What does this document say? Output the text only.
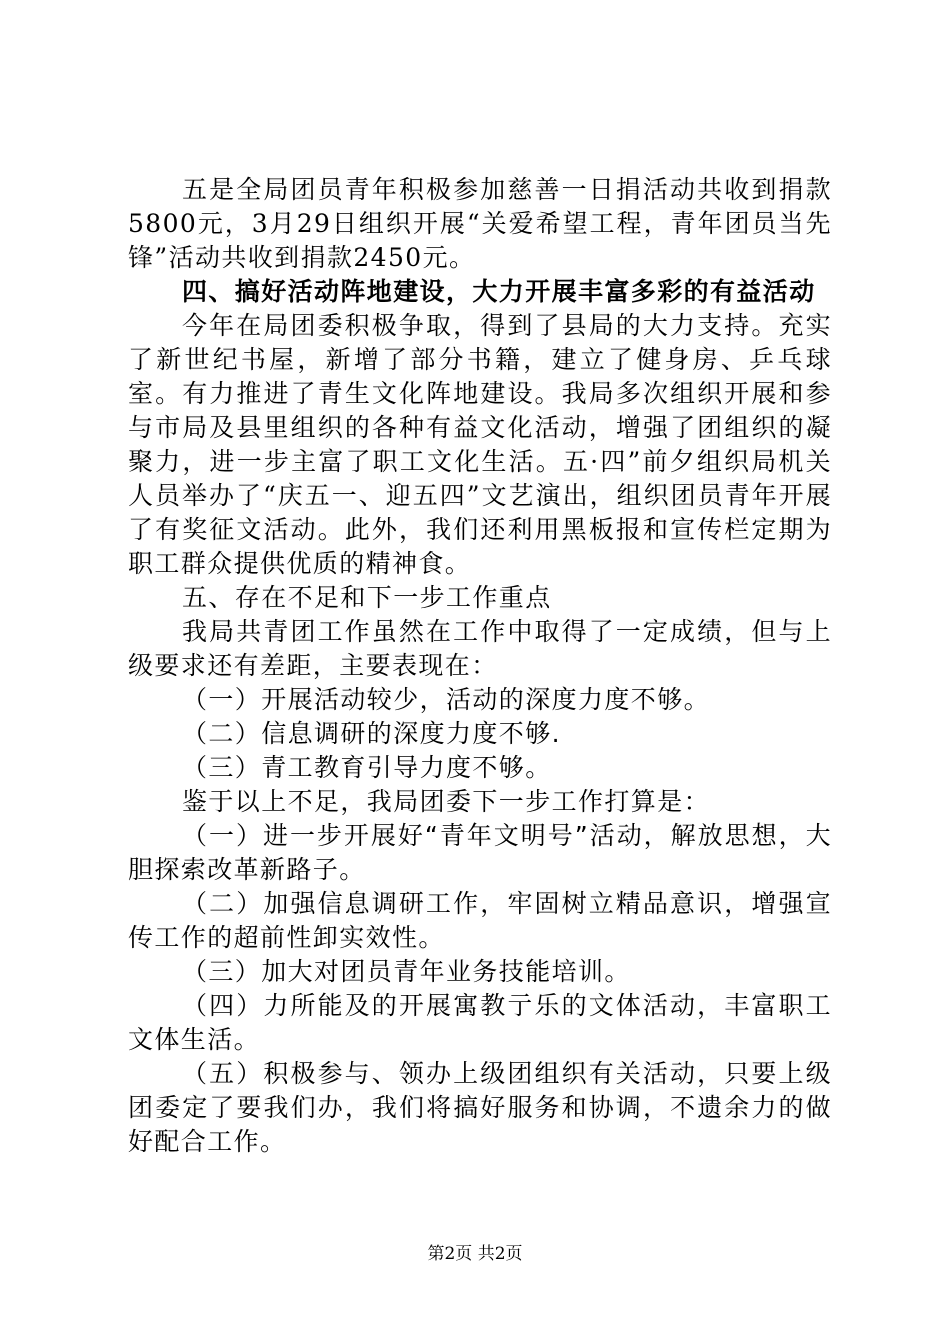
五是全局团员青年积极参加慈善一日捐活动共收到捐款5800元，3月29日组织开展“关爱希望工程，青年团员当先锋”活动共收到捐款2450元。

四、搞好活动阵地建设，大力开展丰富多彩的有益活动

今年在局团委积极争取，得到了县局的大力支持。充实了新世纪书屋，新增了部分书籍，建立了健身房、乒乓球室。有力推进了青生文化阵地建设。我局多次组织开展和参与市局及县里组织的各种有益文化活动，增强了团组织的凝聚力，进一步主富了职工文化生活。五·四”前夕组织局机关人员举办了“庆五一、迎五四”文艺演出，组织团员青年开展了有奖征文活动。此外，我们还利用黑板报和宣传栏定期为职工群众提供优质的精神食。

五、存在不足和下一步工作重点

我局共青团工作虽然在工作中取得了一定成绩，但与上级要求还有差距，主要表现在：

（一）开展活动较少，活动的深度力度不够。

（二）信息调研的深度力度不够.

（三）青工教育引导力度不够。

鉴于以上不足，我局团委下一步工作打算是：

（一）进一步开展好“青年文明号”活动，解放思想，大胆探索改革新路子。

（二）加强信息调研工作，牢固树立精品意识，增强宣传工作的超前性卸实效性。

（三）加大对团员青年业务技能培训。

（四）力所能及的开展寓教亍乐的文体活动，丰富职工文体生活。

（五）积极参与、领办上级团组织有关活动，只要上级团委定了要我们办，我们将搞好服务和协调，不遗余力的做好配合工作。

第2页 共2页
